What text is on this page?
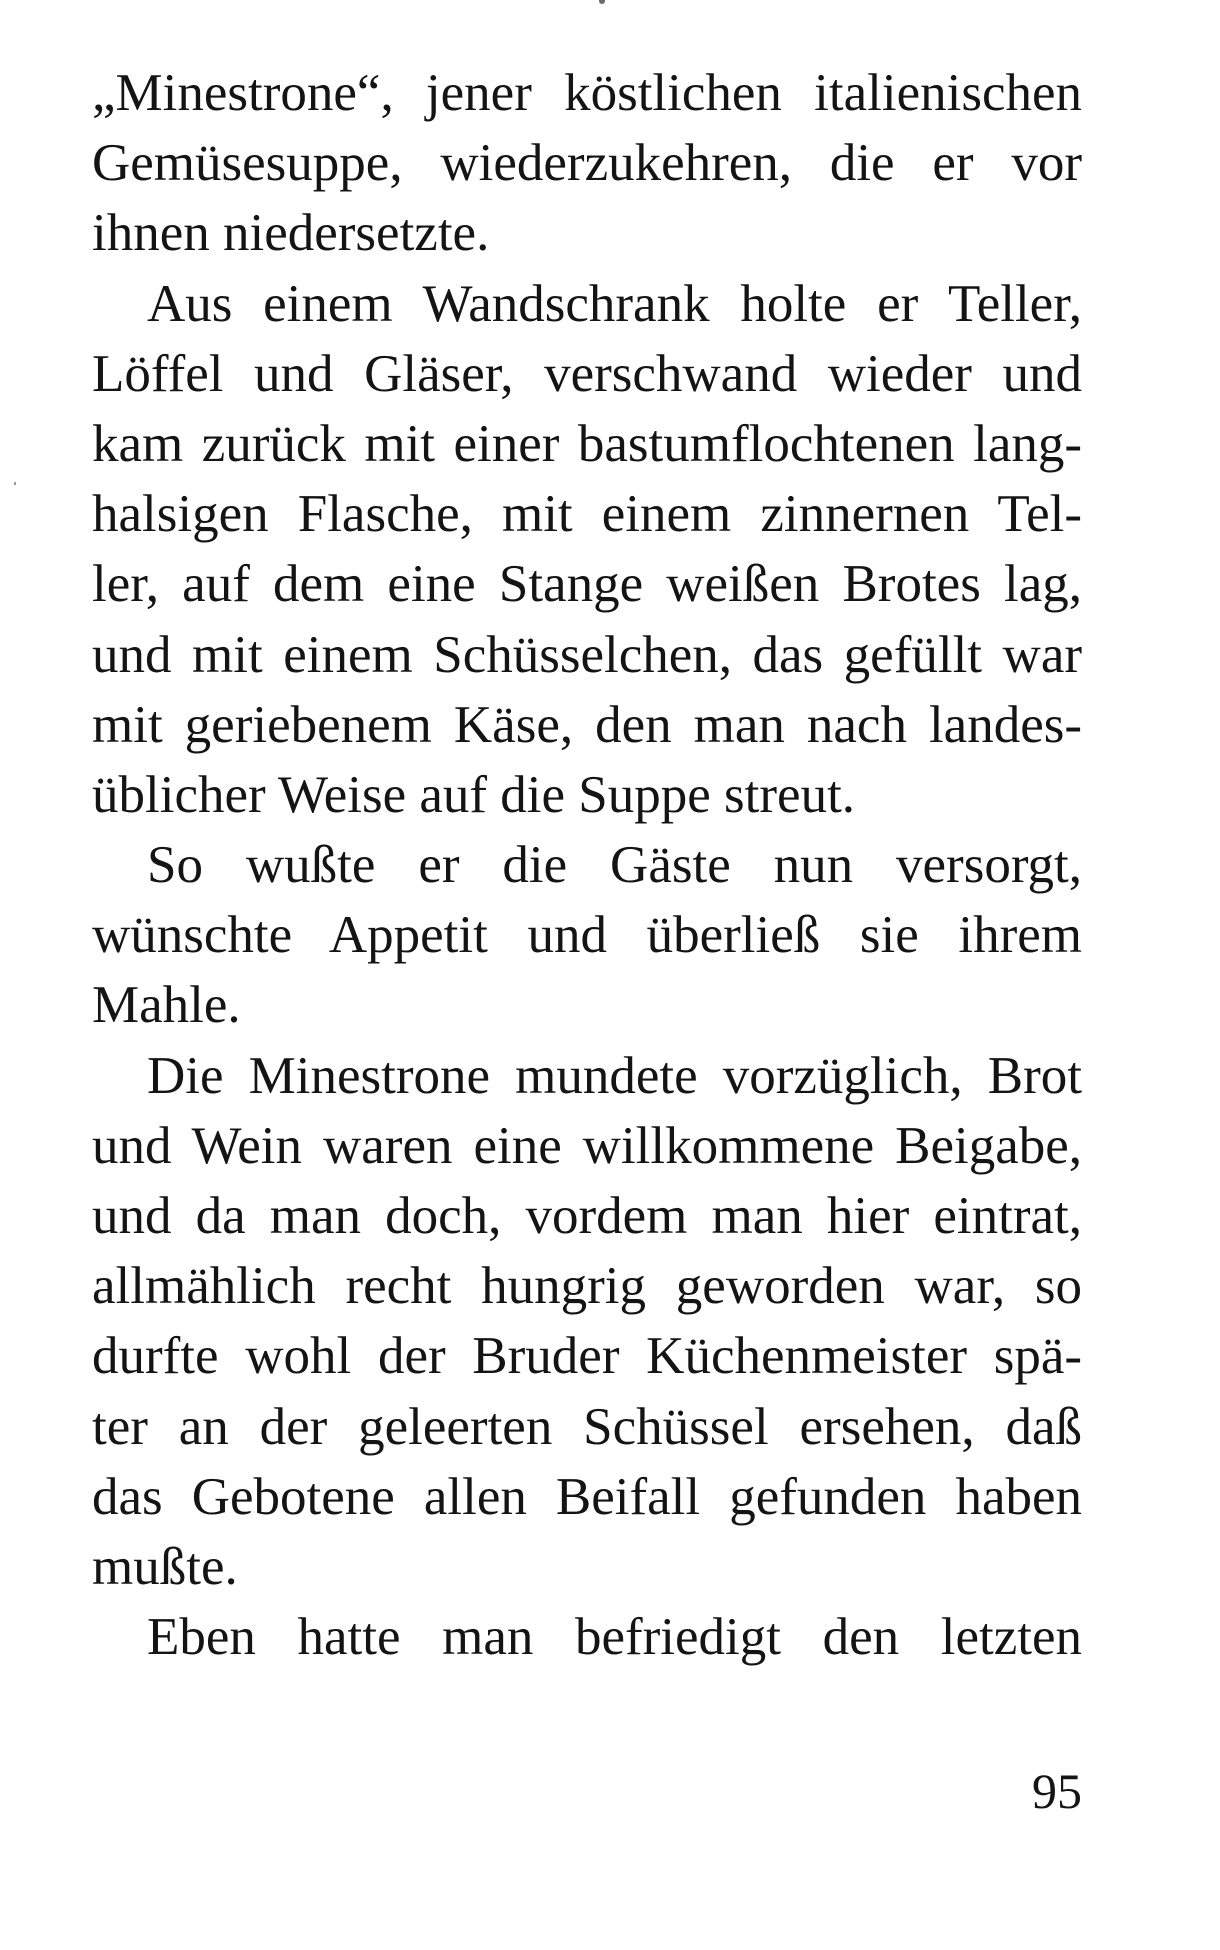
„Minestrone“, jener köstlichen italienischen
Gemüsesuppe, wiederzukehren, die er vor
ihnen niedersetzte.
Aus einem Wandschrank holte er Teller,
Löffel und Gläser, verschwand wieder und
kam zurück mit einer bastumflochtenen lang-
halsigen Flasche, mit einem zinnernen Tel-
ler, auf dem eine Stange weißen Brotes lag,
und mit einem Schüsselchen, das gefüllt war
mit geriebenem Käse, den man nach landes-
üblicher Weise auf die Suppe streut.
So wußte er die Gäste nun versorgt,
wünschte Appetit und überließ sie ihrem
Mahle.
Die Minestrone mundete vorzüglich, Brot
und Wein waren eine willkommene Beigabe,
und da man doch, vordem man hier eintrat,
allmählich recht hungrig geworden war, so
durfte wohl der Bruder Küchenmeister spä-
ter an der geleerten Schüssel ersehen, daß
das Gebotene allen Beifall gefunden haben
mußte.
Eben hatte man befriedigt den letzten
95
